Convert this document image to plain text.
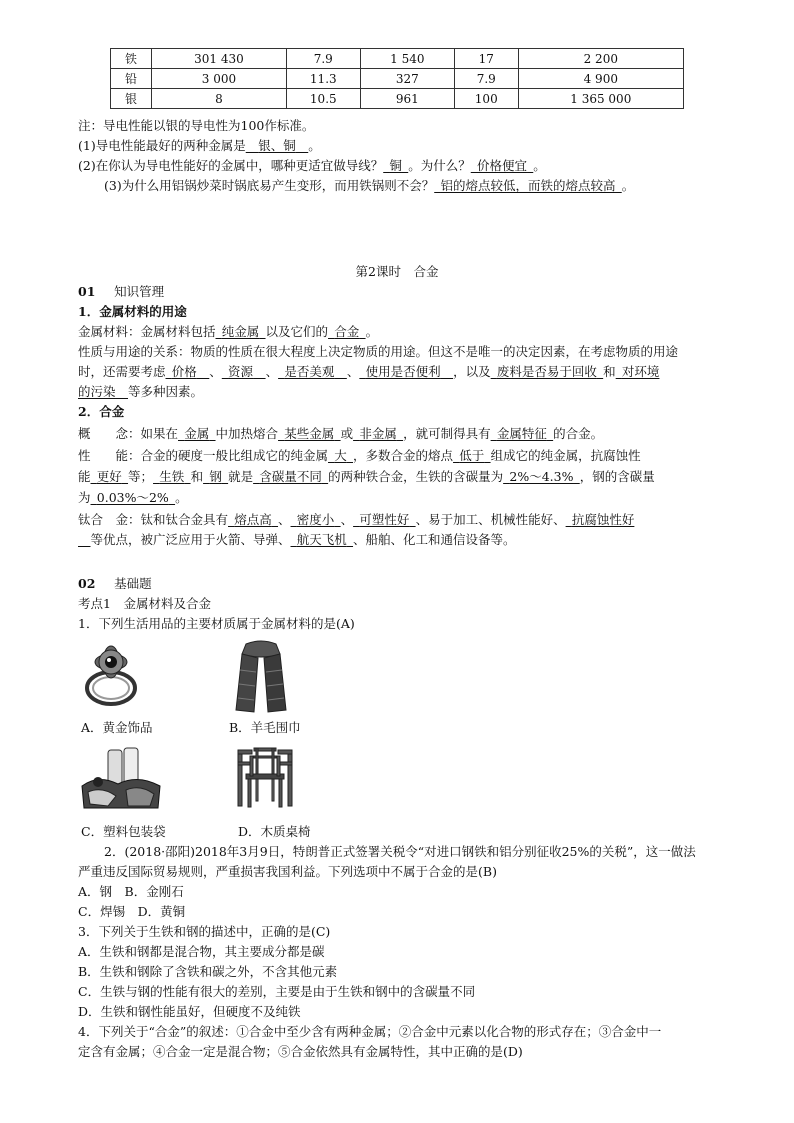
铁	301 430	7.9	1 540	17	2 200
铅	3 000	11.3	327	7.9	4 900
银	8	10.5	961	100	1 365 000
注：导电性能以银的导电性为100作标准。
(1)导电性能最好的两种金属是  银、铜  。
(2)在你认为导电性能好的金属中，哪种更适宜做导线？  铜  。为什么？  价格便宜  。
(3)为什么用铝锅炒菜时锅底易产生变形，而用铁锅则不会？  铝的熔点较低，而铁的熔点较高  。
第2课时　合金
01   知识管理
1．金属材料的用途
金属材料：金属材料包括  纯金属  以及它们的  合金  。
性质与用途的关系：物质的性质在很大程度上决定物质的用途。但这不是唯一的决定因素，在考虑物质的用途
时，还需要考虑  价格  、  资源  、  是否美观  、  使用是否便利  ，以及  废料是否易于回收  和  对环境
的污染  等多种因素。
2．合金
概　　念：如果在  金属  中加热熔合  某些金属  或  非金属  ，就可制得具有  金属特征  的合金。
性　　能：合金的硬度一般比组成它的纯金属  大  ，多数合金的熔点  低于  组成它的纯金属，抗腐蚀性
能  更好  等；  生铁  和  钢  就是  含碳量不同  的两种铁合金，生铁的含碳量为  2%～4.3%  ，钢的含碳量
为  0.03%～2%  。
钛合　金：钛和钛合金具有  熔点高  、  密度小  、  可塑性好  、易于加工、机械性能好、  抗腐蚀性好
 等优点，被广泛应用于火箭、导弹、  航天飞机  、船舶、化工和通信设备等。
02   基础题
考点1　金属材料及合金
1．下列生活用品的主要材质属于金属材料的是(A)
A．黄金饰品	B．羊毛围巾
C．塑料包装袋	D．木质桌椅
2．(2018·邵阳)2018年3月9日，特朗普正式签署关税令“对进口钢铁和铝分别征收25%的关税”，这一做法
严重违反国际贸易规则，严重损害我国利益。下列选项中不属于合金的是(B)
A．钢　B．金刚石
C．焊锡　D．黄铜
3．下列关于生铁和钢的描述中，正确的是(C)
A．生铁和钢都是混合物，其主要成分都是碳
B．生铁和钢除了含铁和碳之外，不含其他元素
C．生铁与钢的性能有很大的差别，主要是由于生铁和钢中的含碳量不同
D．生铁和钢性能虽好，但硬度不及纯铁
4．下列关于“合金”的叙述：①合金中至少含有两种金属；②合金中元素以化合物的形式存在；③合金中一
定含有金属；④合金一定是混合物；⑤合金依然具有金属特性，其中正确的是(D)
